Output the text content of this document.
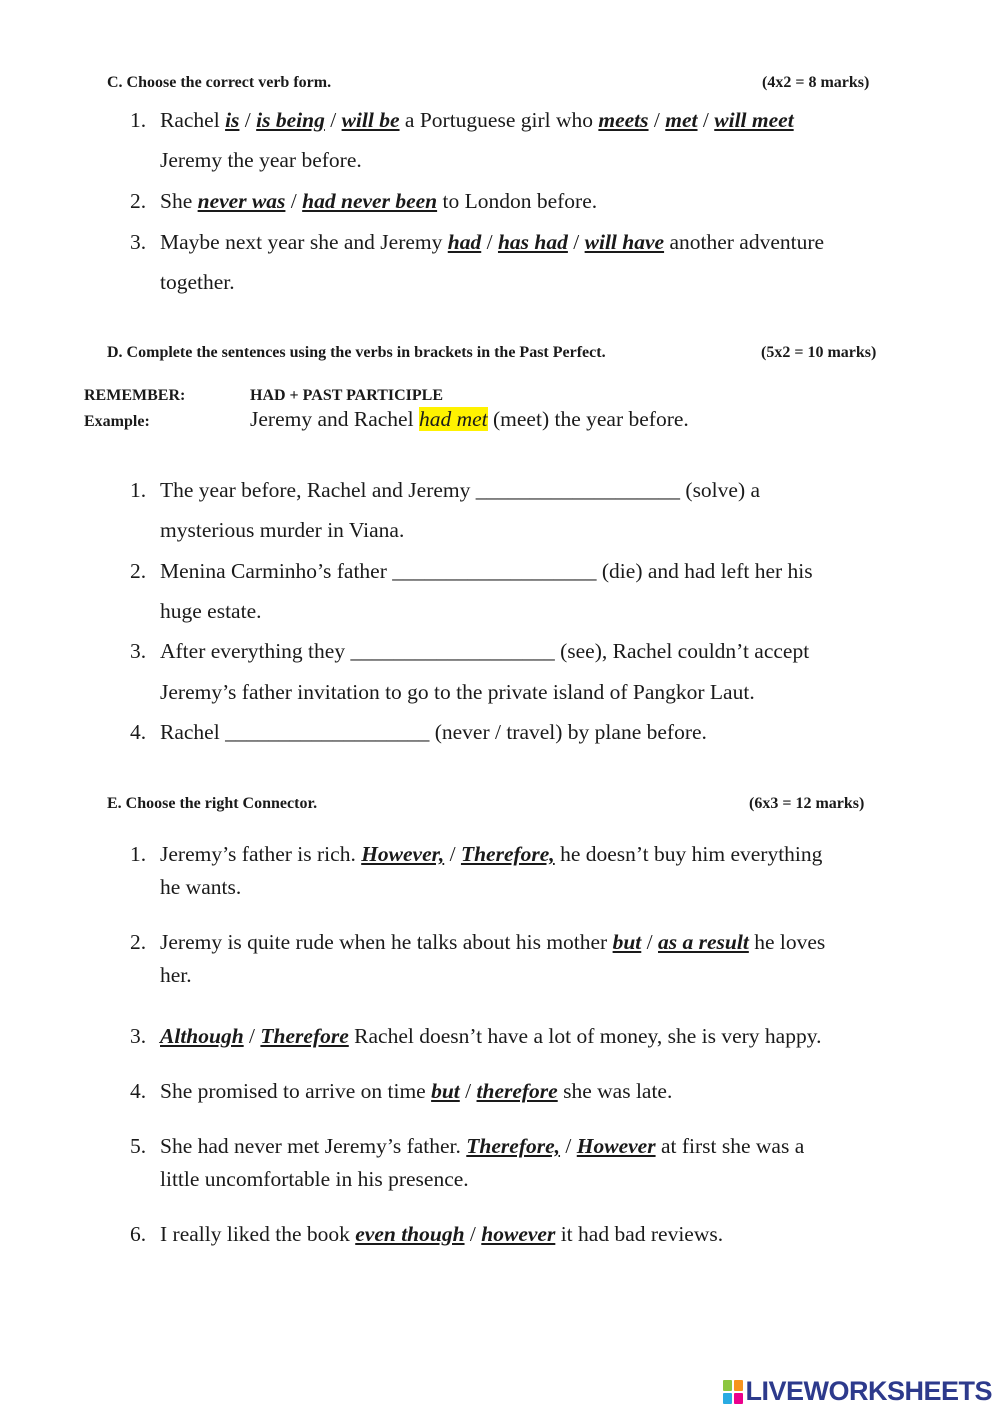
C. Choose the correct verb form.	(4x2 = 8 marks)
1. Rachel is / is being / will be a Portuguese girl who meets / met / will meet
Jeremy the year before.
2. She never was / had never been to London before.
3. Maybe next year she and Jeremy had / has had / will have another adventure
together.
D. Complete the sentences using the verbs in brackets in the Past Perfect.	(5x2 = 10 marks)
REMEMBER:	HAD + PAST PARTICIPLE
Example:	Jeremy and Rachel had met (meet) the year before.
1. The year before, Rachel and Jeremy ___________________ (solve) a
mysterious murder in Viana.
2. Menina Carminho’s father ___________________ (die) and had left her his
huge estate.
3. After everything they ___________________ (see), Rachel couldn’t accept
Jeremy’s father invitation to go to the private island of Pangkor Laut.
4. Rachel ___________________ (never / travel) by plane before.
E. Choose the right Connector.	(6x3 = 12 marks)
1. Jeremy’s father is rich. However, / Therefore, he doesn’t buy him everything
he wants.
2. Jeremy is quite rude when he talks about his mother but / as a result he loves
her.
3. Although / Therefore Rachel doesn’t have a lot of money, she is very happy.
4. She promised to arrive on time but / therefore she was late.
5. She had never met Jeremy’s father. Therefore, / However at first she was a
little uncomfortable in his presence.
6. I really liked the book even though / however it had bad reviews.
LIVEWORKSHEETS
